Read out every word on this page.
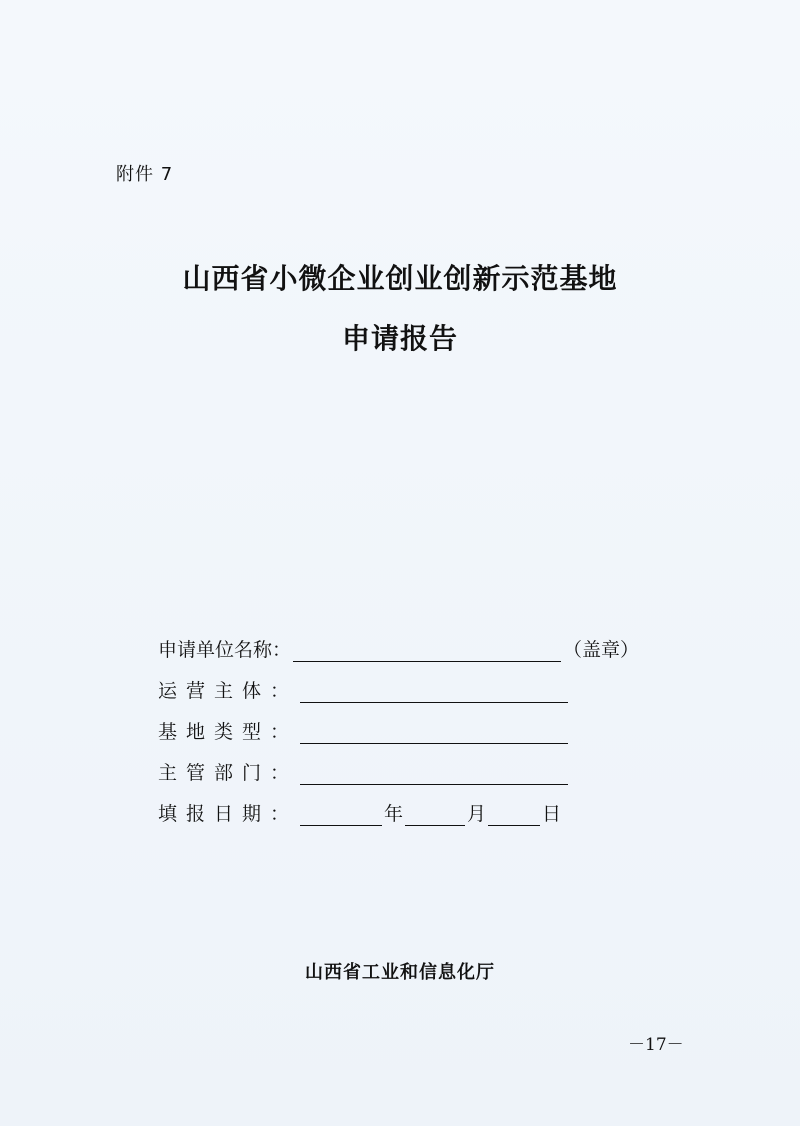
附件 7
山西省小微企业创业创新示范基地
申请报告
申请单位名称：	（盖章）
运营主体：
基地类型：
主管部门：
填报日期：	年	月	日
山西省工业和信息化厅
－17－
